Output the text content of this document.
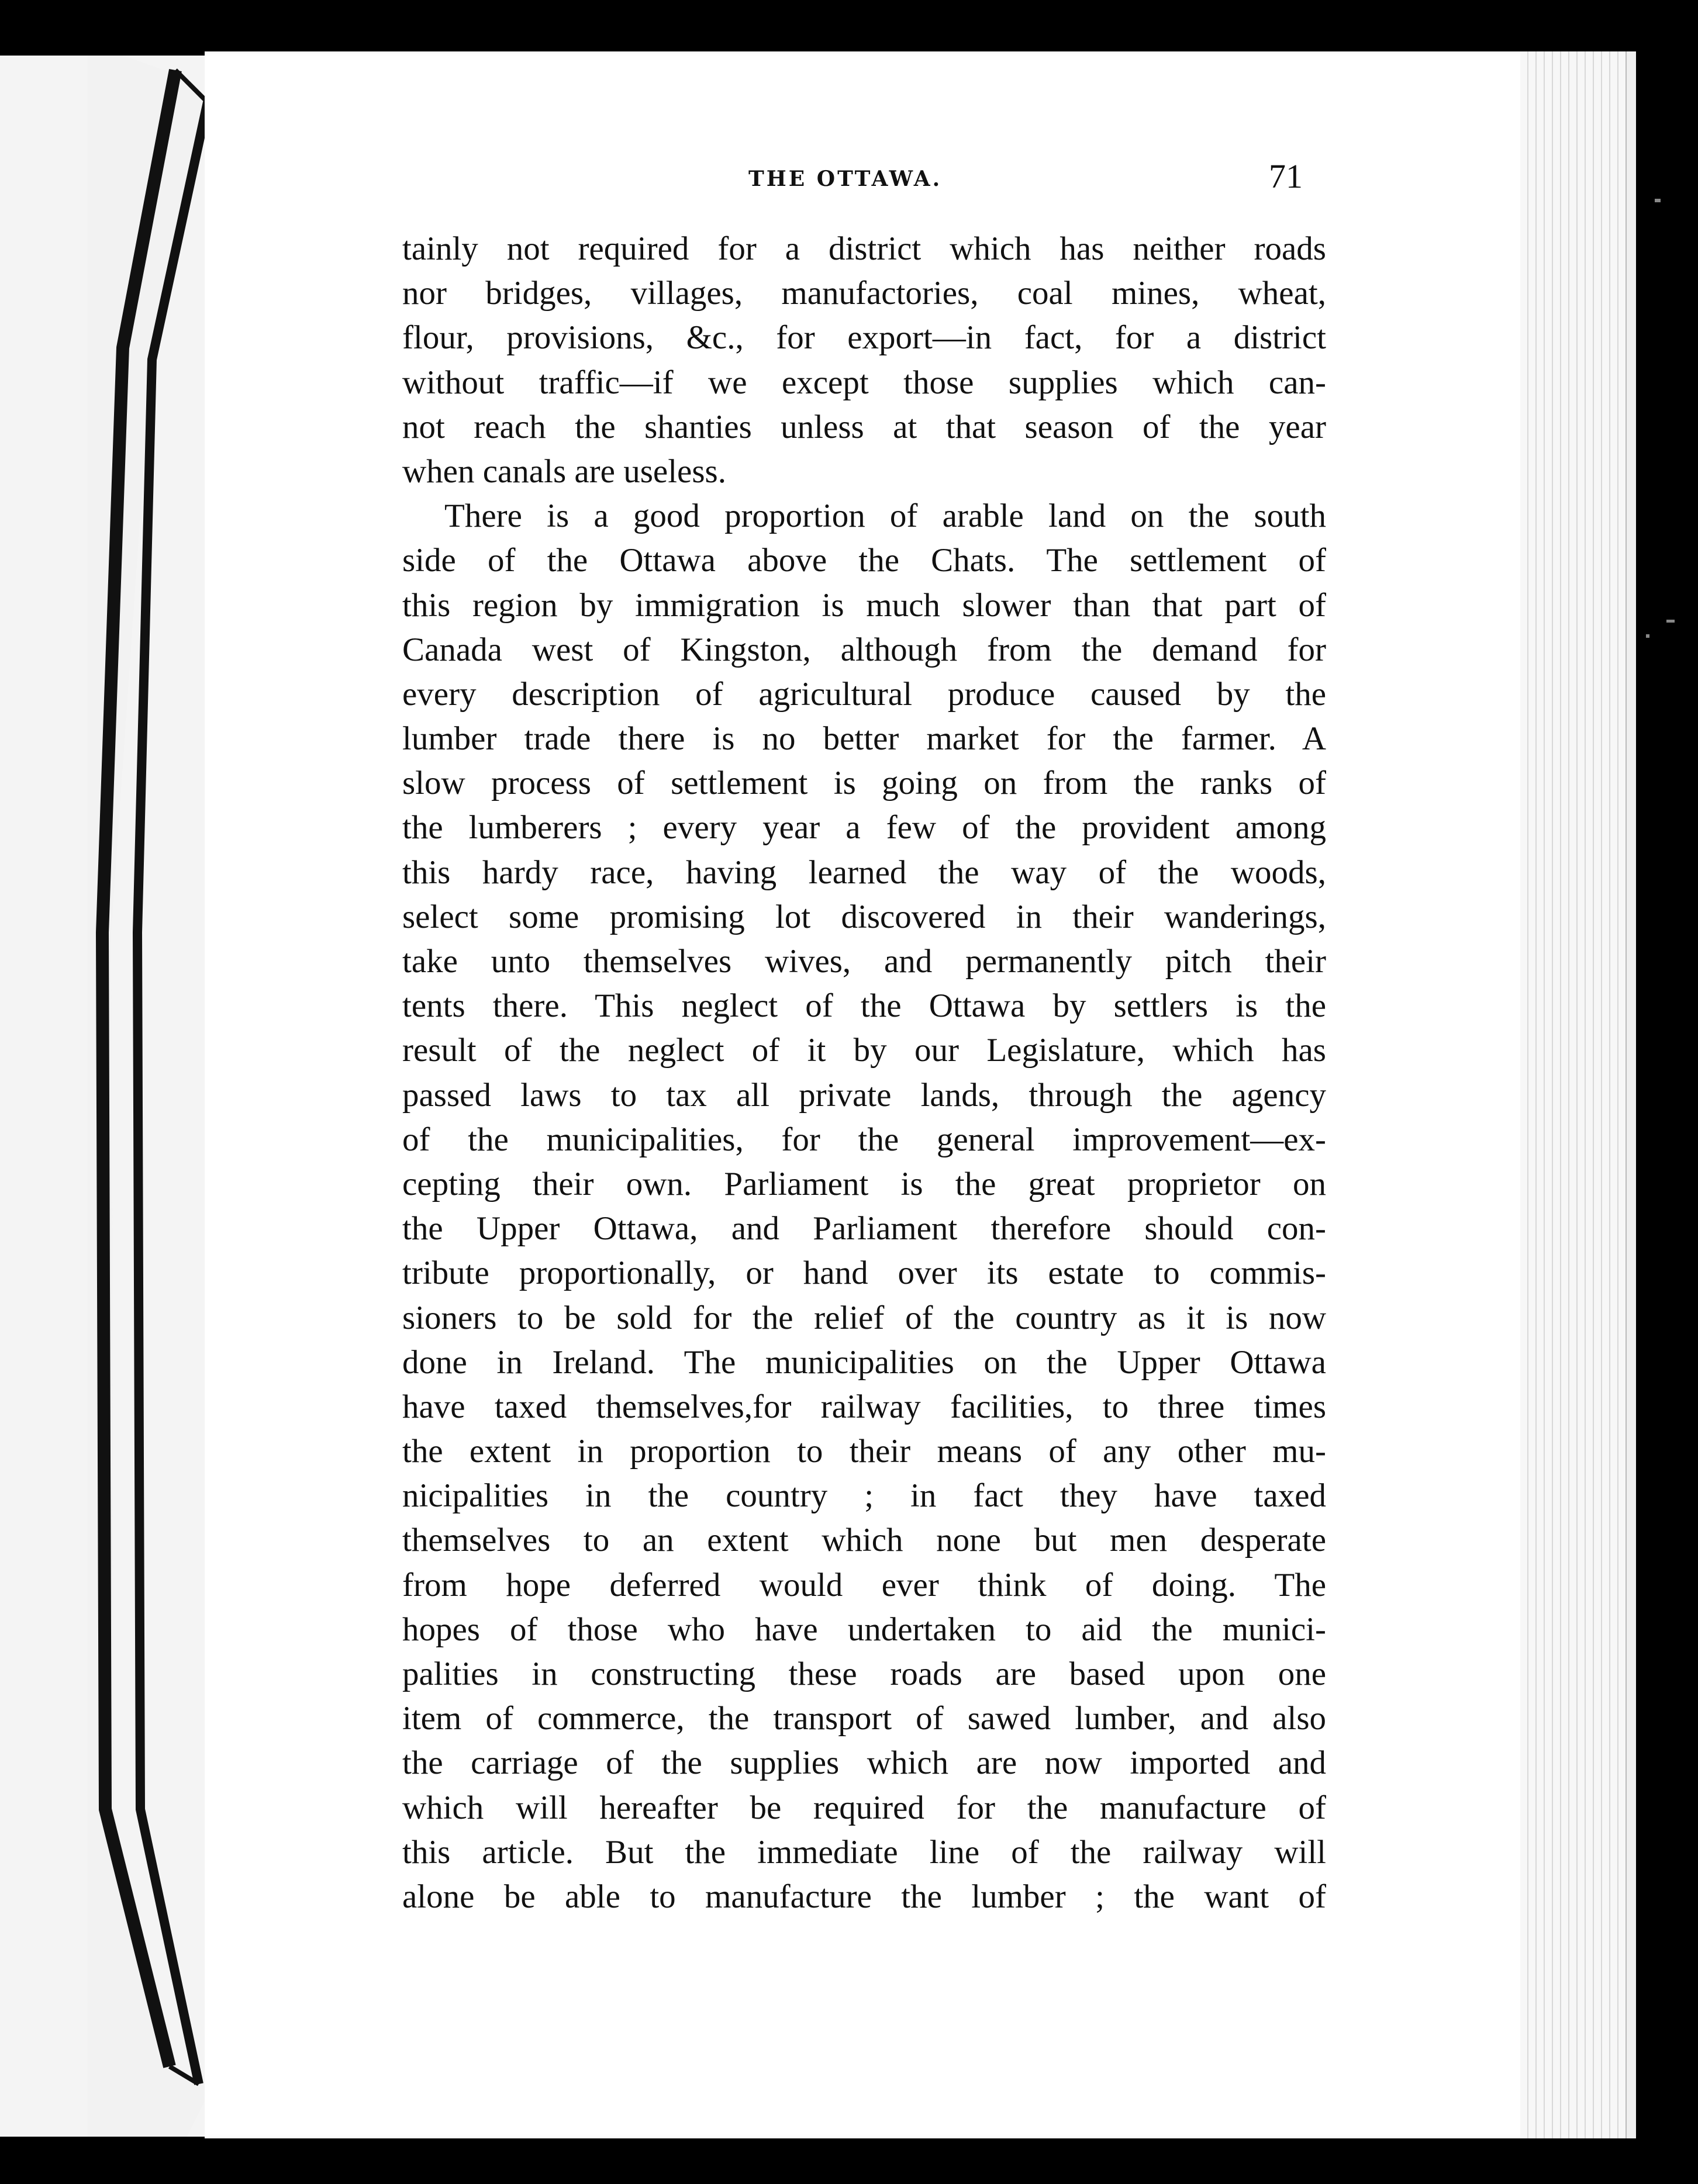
THE OTTAWA.	71
tainly not required for a district which has neither roads
nor bridges, villages, manufactories, coal mines, wheat,
flour, provisions, &c., for export—in fact, for a district
without traffic—if we except those supplies which can-
not reach the shanties unless at that season of the year
when canals are useless.
There is a good proportion of arable land on the south
side of the Ottawa above the Chats. The settlement of
this region by immigration is much slower than that part of
Canada west of Kingston, although from the demand for
every description of agricultural produce caused by the
lumber trade there is no better market for the farmer. A
slow process of settlement is going on from the ranks of
the lumberers ; every year a few of the provident among
this hardy race, having learned the way of the woods,
select some promising lot discovered in their wanderings,
take unto themselves wives, and permanently pitch their
tents there. This neglect of the Ottawa by settlers is the
result of the neglect of it by our Legislature, which has
passed laws to tax all private lands, through the agency
of the municipalities, for the general improvement—ex-
cepting their own. Parliament is the great proprietor on
the Upper Ottawa, and Parliament therefore should con-
tribute proportionally, or hand over its estate to commis-
sioners to be sold for the relief of the country as it is now
done in Ireland. The municipalities on the Upper Ottawa
have taxed themselves,for railway facilities, to three times
the extent in proportion to their means of any other mu-
nicipalities in the country ; in fact they have taxed
themselves to an extent which none but men desperate
from hope deferred would ever think of doing. The
hopes of those who have undertaken to aid the munici-
palities in constructing these roads are based upon one
item of commerce, the transport of sawed lumber, and also
the carriage of the supplies which are now imported and
which will hereafter be required for the manufacture of
this article. But the immediate line of the railway will
alone be able to manufacture the lumber ; the want of
